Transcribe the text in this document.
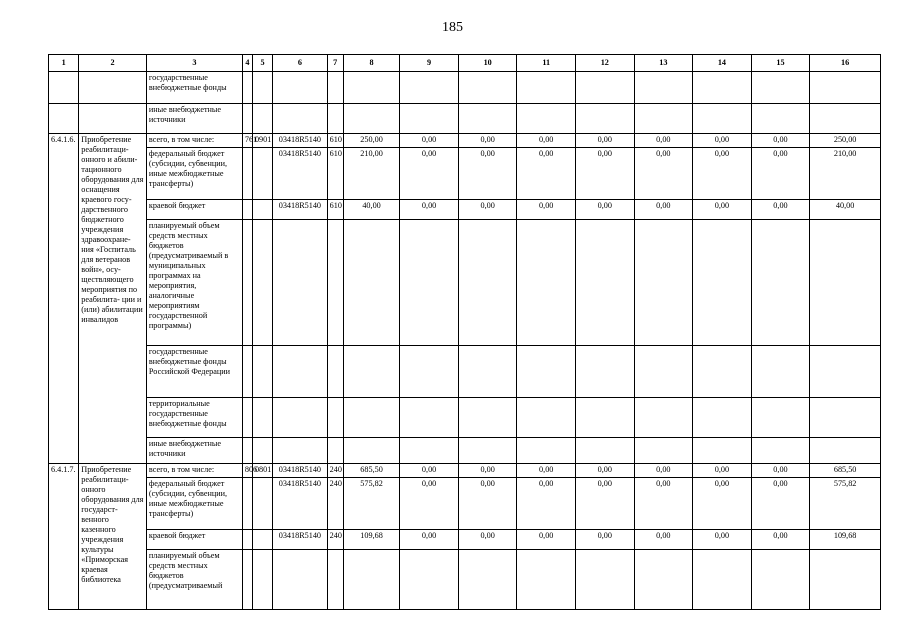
185
1	2	3	4	5	6	7	8	9	10	11	12	13	14	15	16
		государственные внебюджетные фонды													
		иные внебюджетные источники													
6.4.1.6.	Приобретение реабилитаци- онного и абили- тационного оборудования для оснащения краевого госу- дарственного бюджетного учреждения здравоохране- ния «Госпиталь для ветеранов войн», осу- ществляющего мероприятия по реабилита- ции и (или) абилитации инвалидов	всего, в том числе:	761	0901	03418R5140	610	250,00	0,00	0,00	0,00	0,00	0,00	0,00	0,00	250,00
		федеральный бюджет (субсидии, субвенции, иные межбюджетные трансферты)			03418R5140	610	210,00	0,00	0,00	0,00	0,00	0,00	0,00	0,00	210,00
		краевой бюджет			03418R5140	610	40,00	0,00	0,00	0,00	0,00	0,00	0,00	0,00	40,00
		планируемый объем средств местных бюджетов (предусматриваемый в муниципальных программах на мероприятия, аналогичные мероприятиям государственной программы)													
		государственные внебюджетные фонды Российской Федерации													
		территориальные государственные внебюджетные фонды													
		иные внебюджетные источники													
6.4.1.7.	Приобретение реабилитаци- онного оборудования для государст- венного казенного учреждения культуры «Приморская краевая библиотека	всего, в том числе:	806	0801	03418R5140	240	685,50	0,00	0,00	0,00	0,00	0,00	0,00	0,00	685,50
		федеральный бюджет (субсидии, субвенции, иные межбюджетные трансферты)			03418R5140	240	575,82	0,00	0,00	0,00	0,00	0,00	0,00	0,00	575,82
		краевой бюджет			03418R5140	240	109,68	0,00	0,00	0,00	0,00	0,00	0,00	0,00	109,68
		планируемый объем средств местных бюджетов (предусматриваемый													
